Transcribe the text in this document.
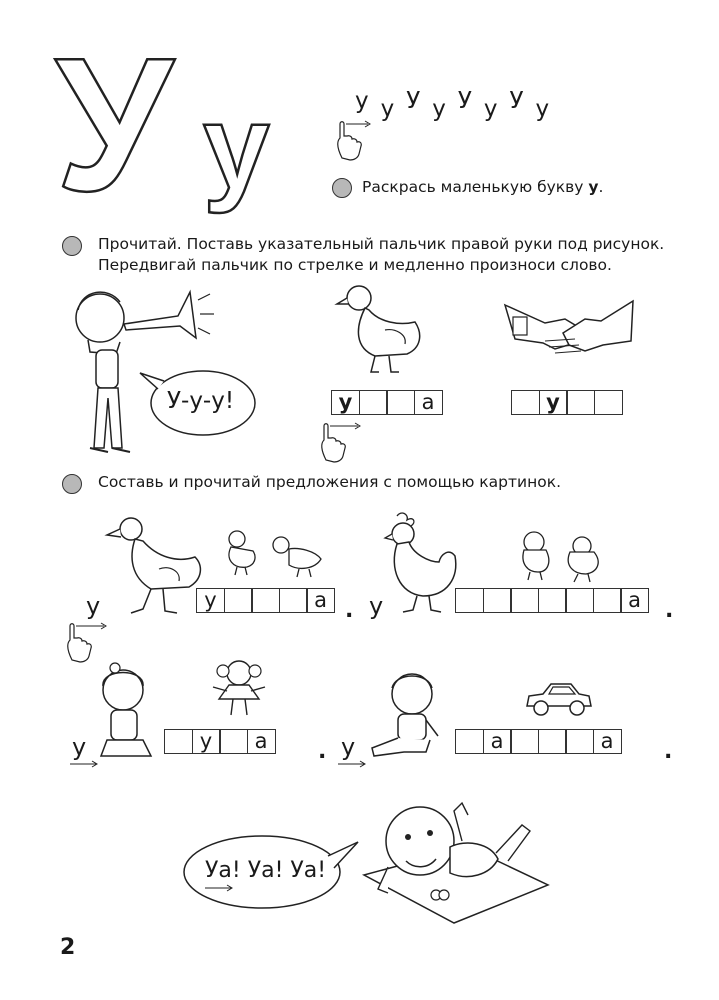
У у	у у У у У у У у
Раскрась маленькую букву у.
Прочитай. Поставь указательный пальчик правой руки под рисунок.
Передвигай пальчик по стрелке и медленно произноси слово.
У-у-у!	у	а	у
Составь и прочитай предложения с помощью картинок.
у	у	а . у	а	.
у	у	а	. у	а	а	.
Уа! Уа! Уа!
2
